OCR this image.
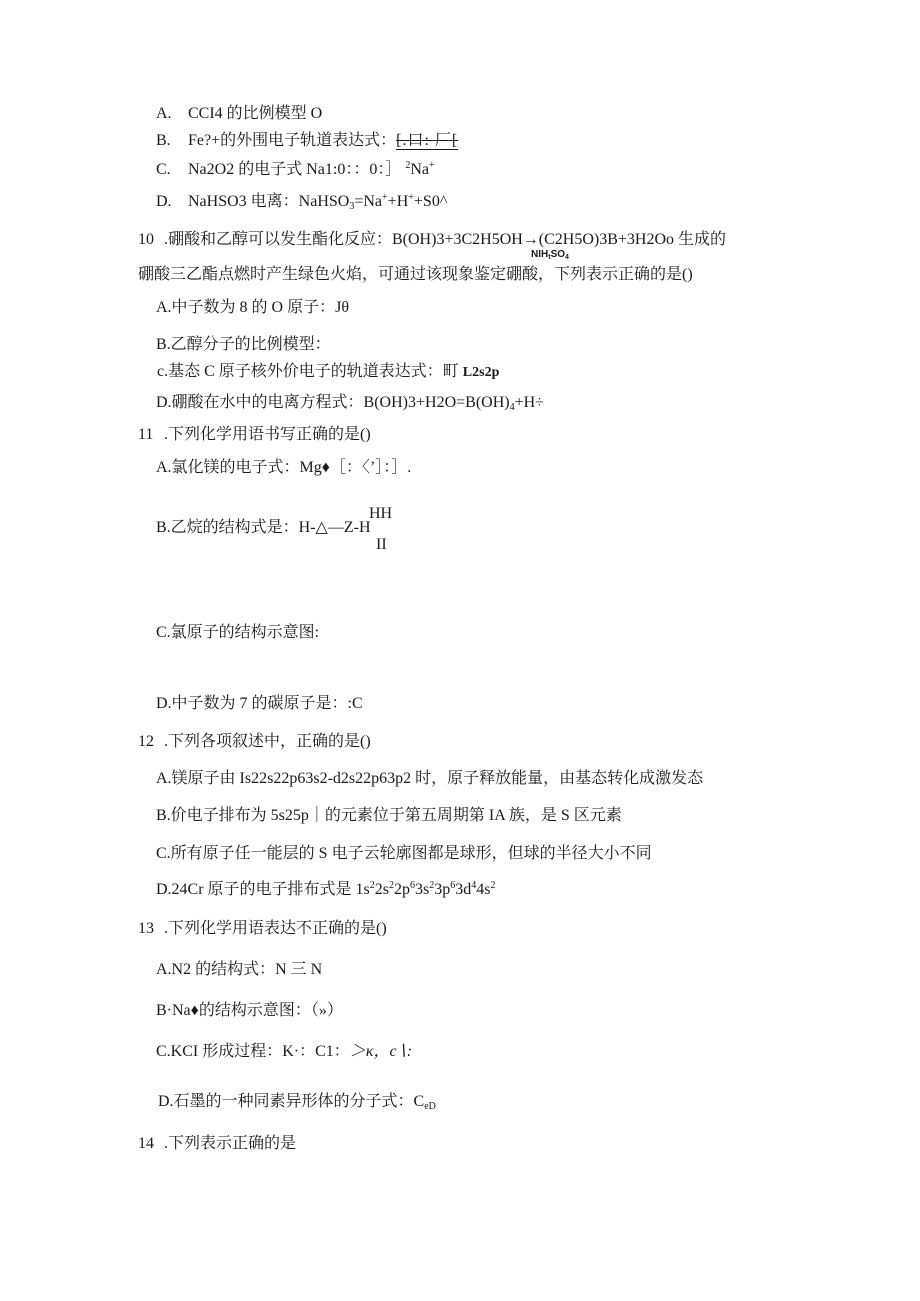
A. CCI4 的比例模型 O
B. Fe?+的外围电子轨道表达式：[.口: 厂[
C. Na2O2 的电子式 Na1:0：：0：］ $^2$Na+
D. NaHSO3 电离：NaHSO$_3$=Na++H++S0^
10 .硼酸和乙醇可以发生酯化反应：B(OH)3+3C2H5OH→(C2H5O)3B+3H2Oo 生成的
$NIH_tSO_4$
硼酸三乙酯点燃时产生绿色火焰，可通过该现象鉴定硼酸，下列表示正确的是()
A.中子数为 8 的 O 原子：Jθ
B.乙醇分子的比例模型：
c.基态 C 原子核外价电子的轨道表达式：町 L2s2p
D.硼酸在水中的电离方程式：$B(OH)3+H2O=B(OH)_4+H\div$
11 .下列化学用语书写正确的是()
A.氯化镁的电子式：Mg♦［：〈’］：］.
HH
B.乙烷的结构式是：H-△—Z-H
II
C.氯原子的结构示意图:
D.中子数为 7 的碳原子是：:C
12 .下列各项叙述中，正确的是()
A.镁原子由 Is22s22p63s2-d2s22p63p2 时，原子释放能量，由基态转化成激发态
B.价电子排布为 5s25p｜的元素位于第五周期第 IA 族，是 S 区元素
C.所有原子任一能层的 S 电子云轮廓图都是球形，但球的半径大小不同
D.24Cr 原子的电子排布式是 $1s^22s^22p^63s^23p^63d^44s^2$
13 .下列化学用语表达不正确的是()
A.N2 的结构式：N 三 N
B·Na♦的结构示意图：（»）
C.KCI 形成过程：K·：C1：＞κ，c∖:
D.石墨的一种同素异形体的分子式：$C_{eD}$
14 .下列表示正确的是
